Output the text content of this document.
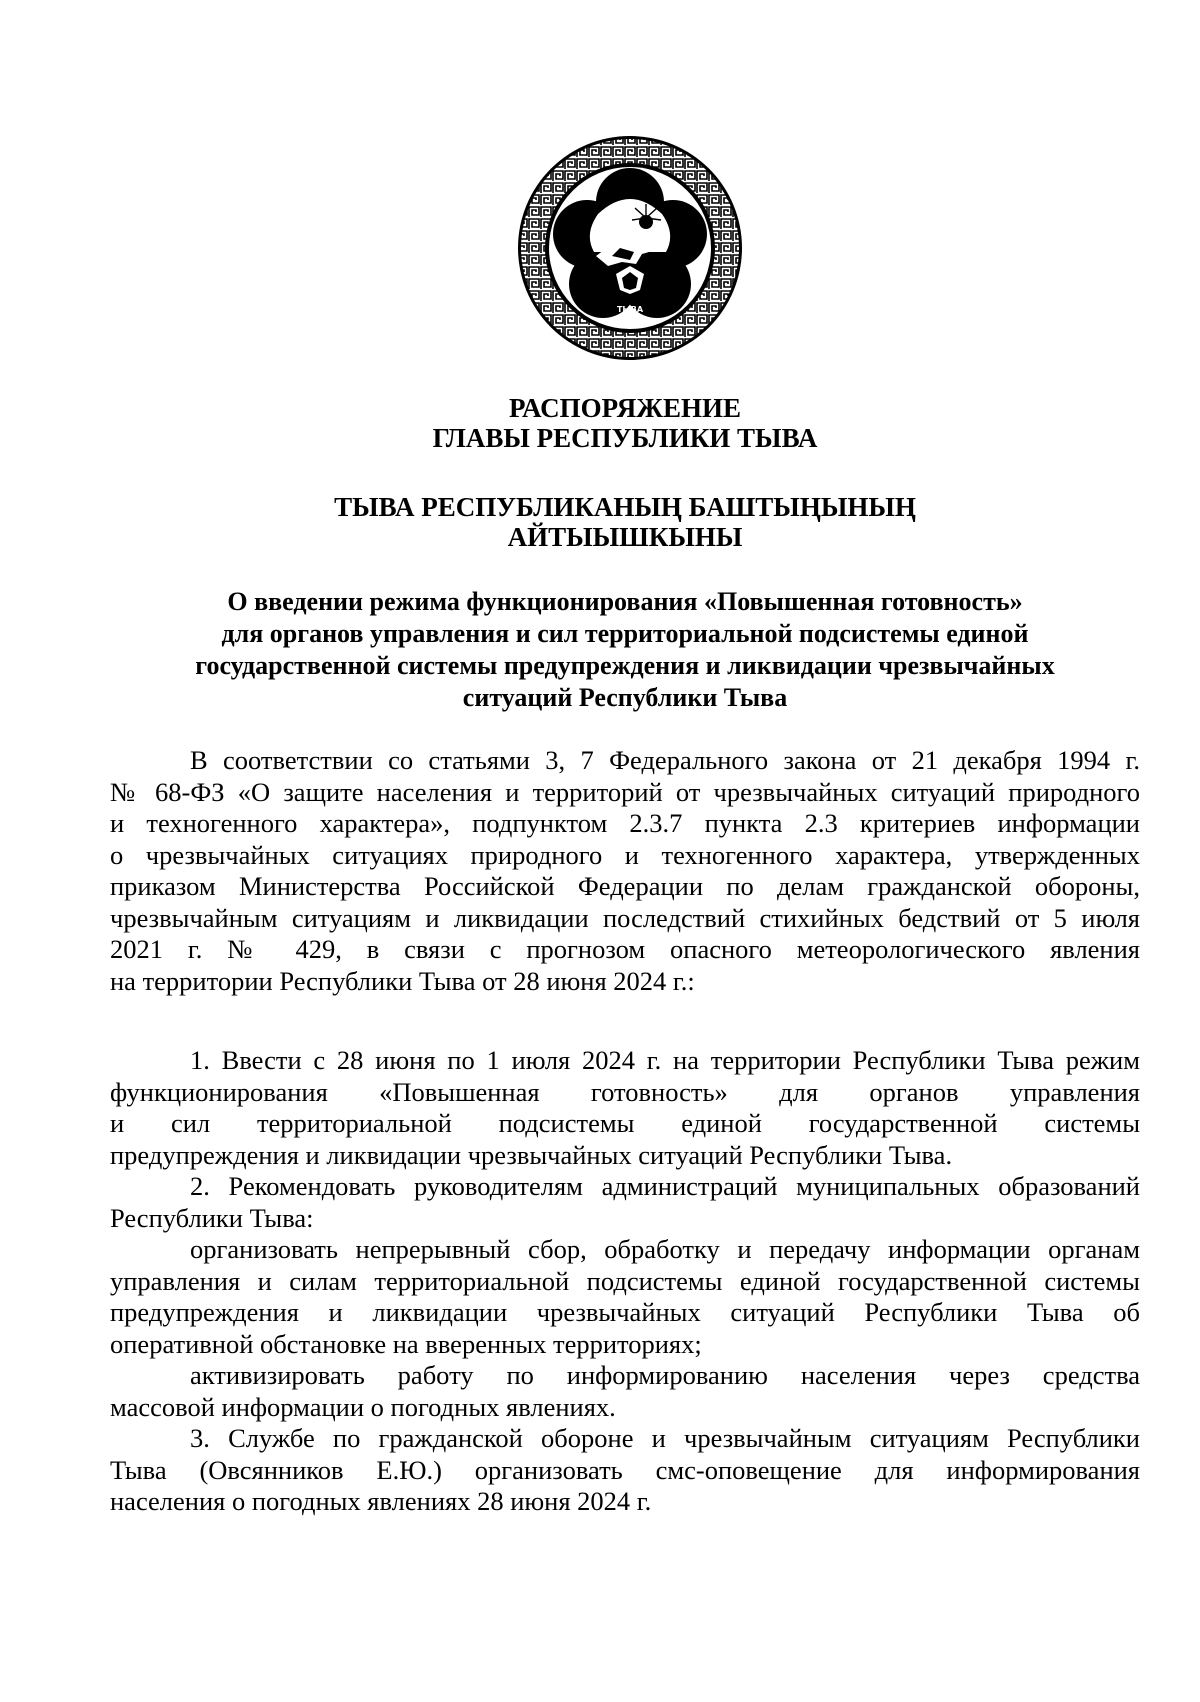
ТЫВА
РАСПОРЯЖЕНИЕ
ГЛАВЫ РЕСПУБЛИКИ ТЫВА
ТЫВА РЕСПУБЛИКАНЫҢ БАШТЫҢЫНЫҢ
АЙТЫЫШКЫНЫ
О введении режима функционирования «Повышенная готовность»
для органов управления и сил территориальной подсистемы единой
государственной системы предупреждения и ликвидации чрезвычайных
ситуаций Республики Тыва
В соответствии со статьями 3, 7 Федерального закона от 21 декабря 1994 г.
№ 68-ФЗ «О защите населения и территорий от чрезвычайных ситуаций природного
и техногенного характера», подпунктом 2.3.7 пункта 2.3 критериев информации
о чрезвычайных ситуациях природного и техногенного характера, утвержденных
приказом Министерства Российской Федерации по делам гражданской обороны,
чрезвычайным ситуациям и ликвидации последствий стихийных бедствий от 5 июля
2021 г. № 429, в связи с прогнозом опасного метеорологического явления
на территории Республики Тыва от 28 июня 2024 г.:
1. Ввести с 28 июня по 1 июля 2024 г. на территории Республики Тыва режим
функционирования «Повышенная готовность» для органов управления
и сил территориальной подсистемы единой государственной системы
предупреждения и ликвидации чрезвычайных ситуаций Республики Тыва.
2. Рекомендовать руководителям администраций муниципальных образований
Республики Тыва:
организовать непрерывный сбор, обработку и передачу информации органам
управления и силам территориальной подсистемы единой государственной системы
предупреждения и ликвидации чрезвычайных ситуаций Республики Тыва об
оперативной обстановке на вверенных территориях;
активизировать работу по информированию населения через средства
массовой информации о погодных явлениях.
3. Службе по гражданской обороне и чрезвычайным ситуациям Республики
Тыва (Овсянников Е.Ю.) организовать смс-оповещение для информирования
населения о погодных явлениях 28 июня 2024 г.
